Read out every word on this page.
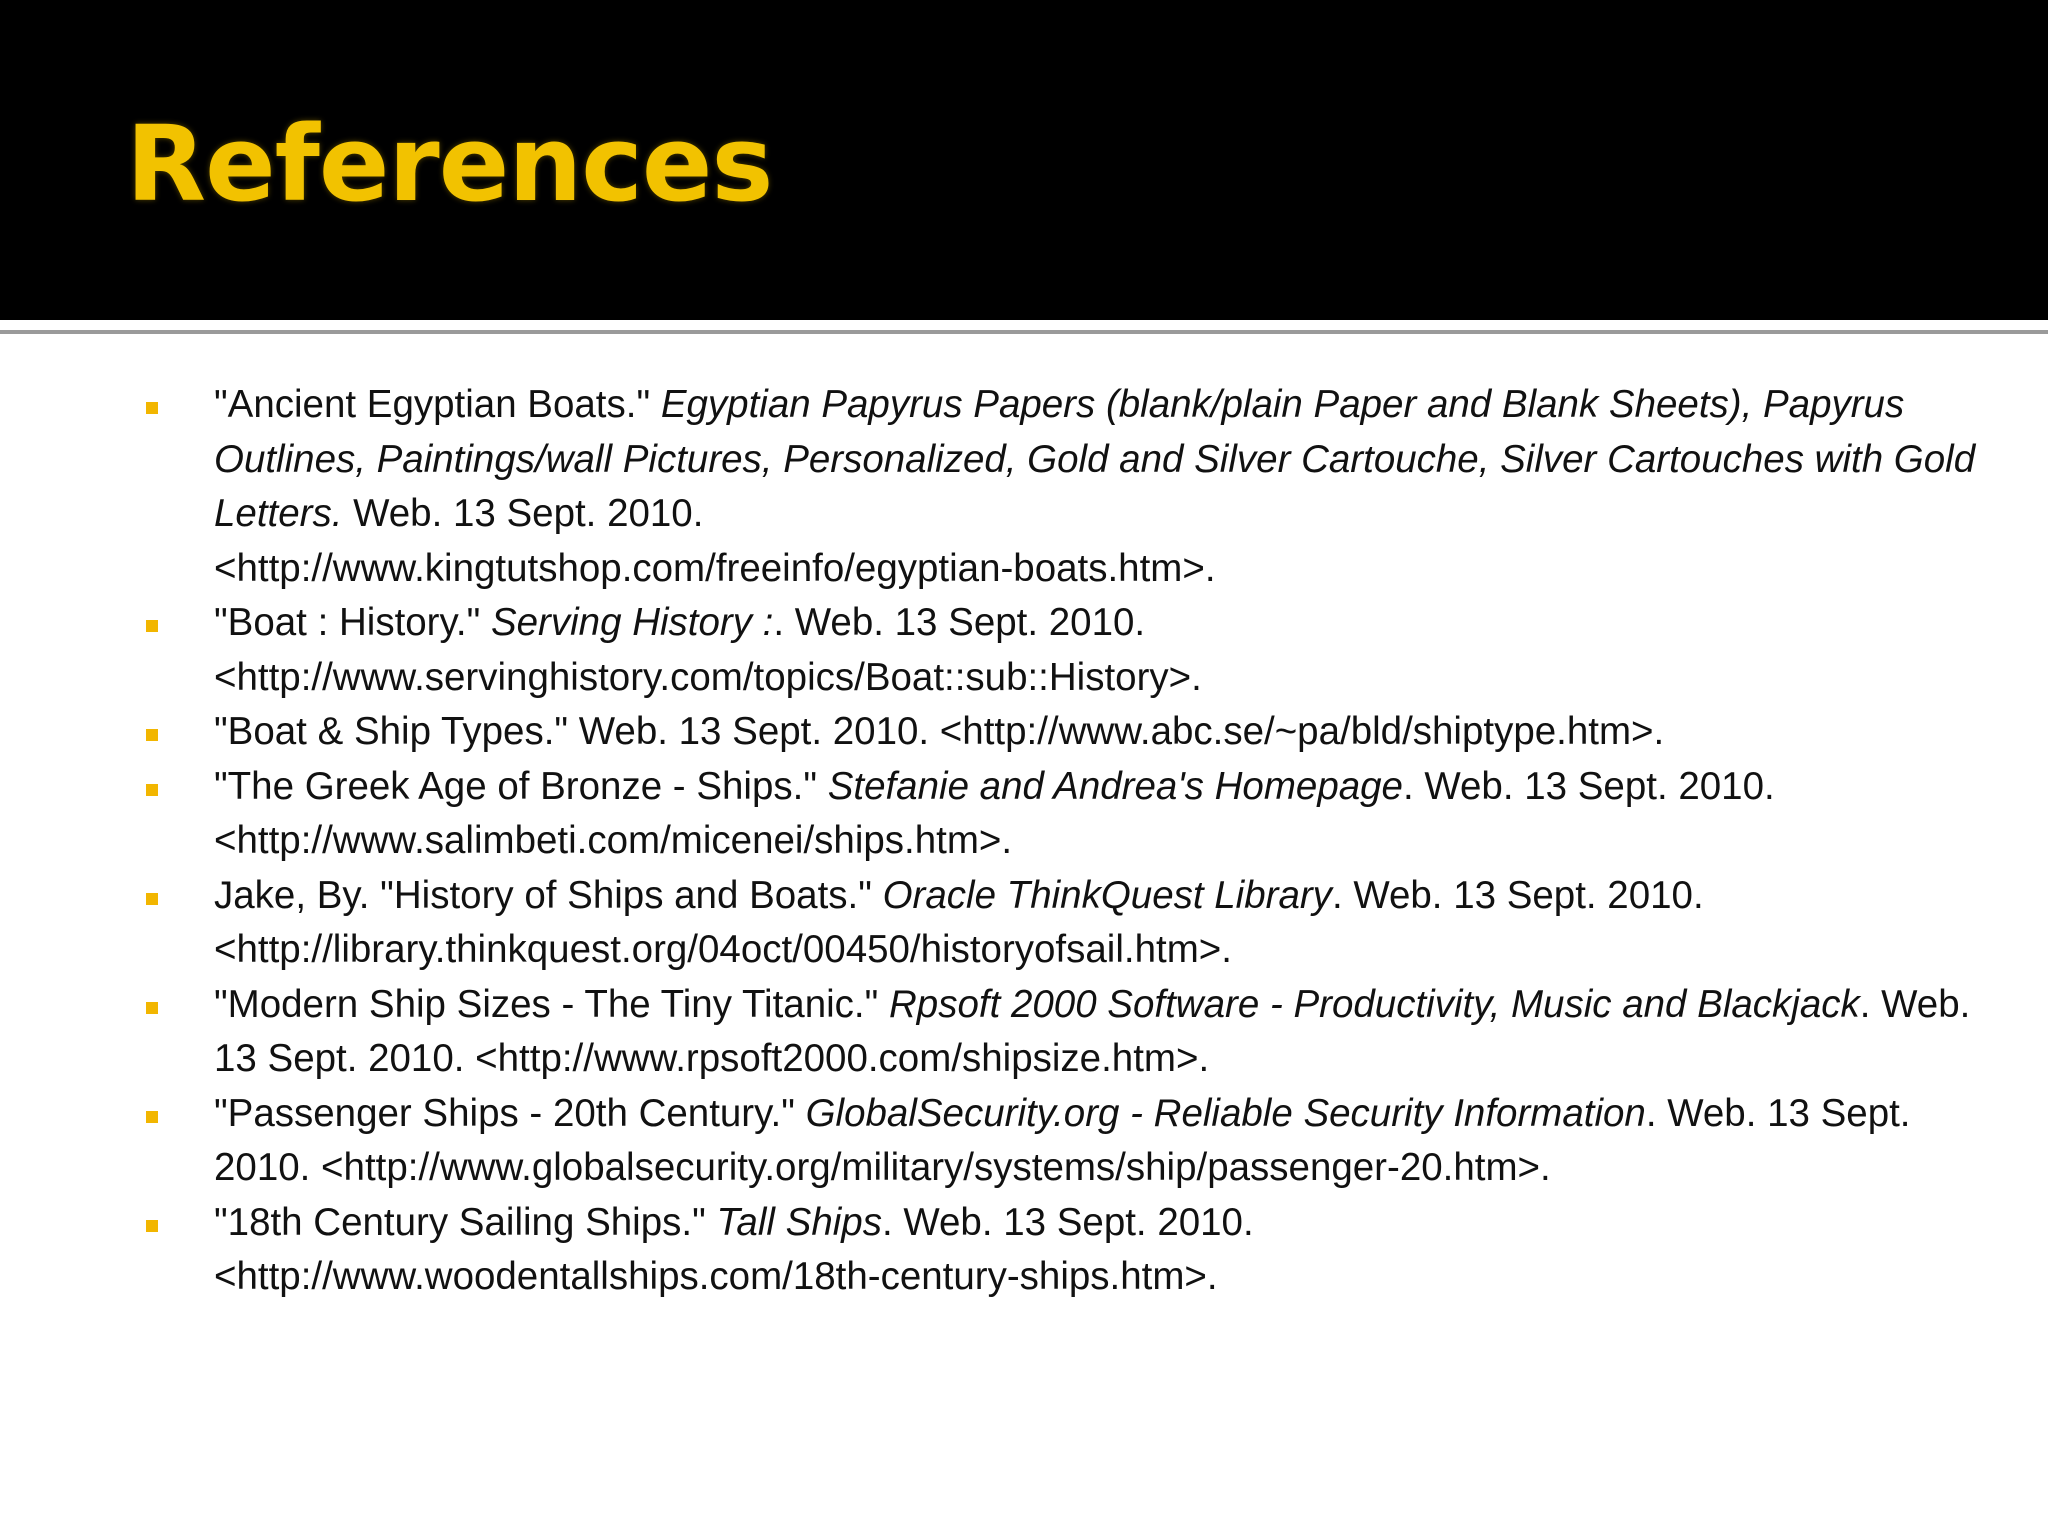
References
"Ancient Egyptian Boats." Egyptian Papyrus Papers (blank/plain Paper and Blank Sheets), Papyrus Outlines, Paintings/wall Pictures, Personalized, Gold and Silver Cartouche, Silver Cartouches with Gold Letters. Web. 13 Sept. 2010.
<http://www.kingtutshop.com/freeinfo/egyptian-boats.htm>.
"Boat : History." Serving History :. Web. 13 Sept. 2010.
<http://www.servinghistory.com/topics/Boat::sub::History>.
"Boat & Ship Types." Web. 13 Sept. 2010. <http://www.abc.se/~pa/bld/shiptype.htm>.
"The Greek Age of Bronze - Ships." Stefanie and Andrea's Homepage. Web. 13 Sept. 2010.
<http://www.salimbeti.com/micenei/ships.htm>.
Jake, By. "History of Ships and Boats." Oracle ThinkQuest Library. Web. 13 Sept. 2010.
<http://library.thinkquest.org/04oct/00450/historyofsail.htm>.
"Modern Ship Sizes - The Tiny Titanic." Rpsoft 2000 Software - Productivity, Music and Blackjack. Web. 13 Sept. 2010. <http://www.rpsoft2000.com/shipsize.htm>.
"Passenger Ships - 20th Century." GlobalSecurity.org - Reliable Security Information. Web. 13 Sept. 2010. <http://www.globalsecurity.org/military/systems/ship/passenger-20.htm>.
"18th Century Sailing Ships." Tall Ships. Web. 13 Sept. 2010.
<http://www.woodentallships.com/18th-century-ships.htm>.
